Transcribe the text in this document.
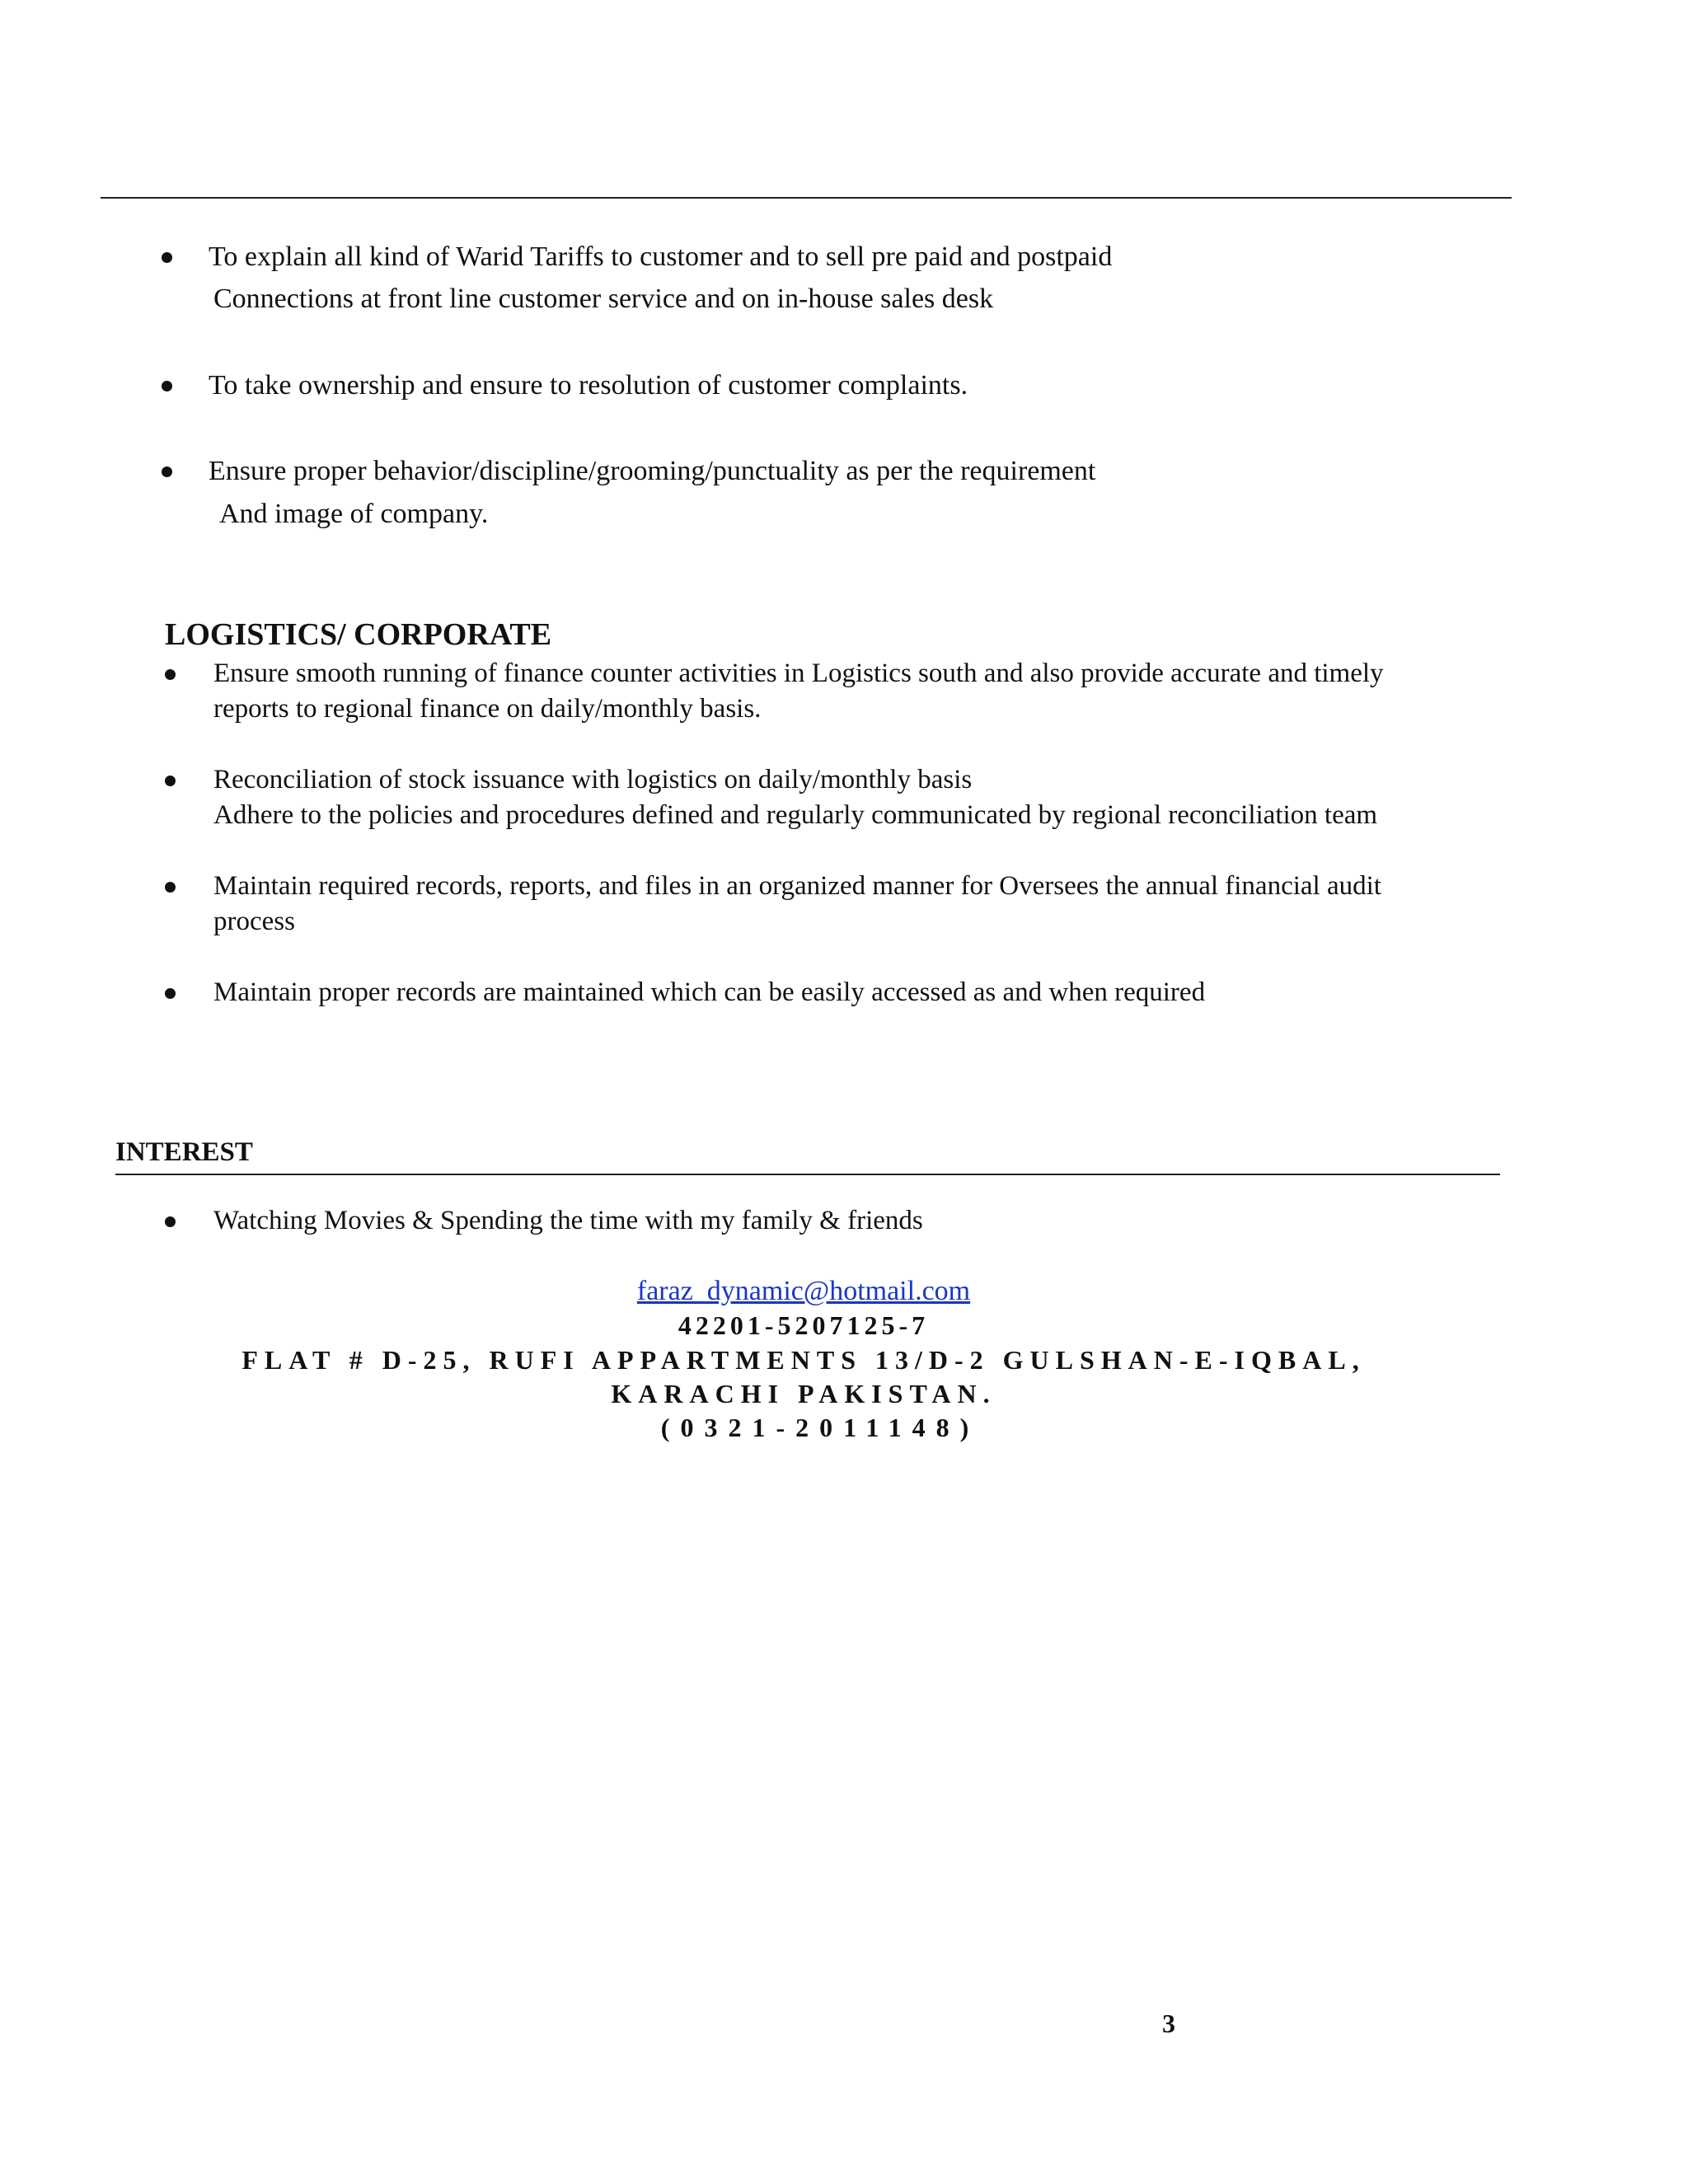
To explain all kind of Warid Tariffs to customer and to sell pre paid and postpaid
Connections at front line customer service and on in-house sales desk
To take ownership and ensure to resolution of customer complaints.
Ensure proper behavior/discipline/grooming/punctuality as per the requirement
And image of company.
LOGISTICS/ CORPORATE
Ensure smooth running of finance counter activities in Logistics south and also provide accurate and timely
reports to regional finance on daily/monthly basis.
Reconciliation of stock issuance with logistics on daily/monthly basis
Adhere to the policies and procedures defined and regularly communicated by regional reconciliation team
Maintain required records, reports, and files in an organized manner for Oversees the annual financial audit
process
Maintain proper records are maintained which can be easily accessed as and when required
INTEREST
Watching Movies & Spending the time with my family & friends
faraz_dynamic@hotmail.com
42201-5207125-7
FLAT # D-25, RUFI APPARTMENTS 13/D-2 GULSHAN-E-IQBAL,
KARACHI PAKISTAN.
(0321-2011148)
3
